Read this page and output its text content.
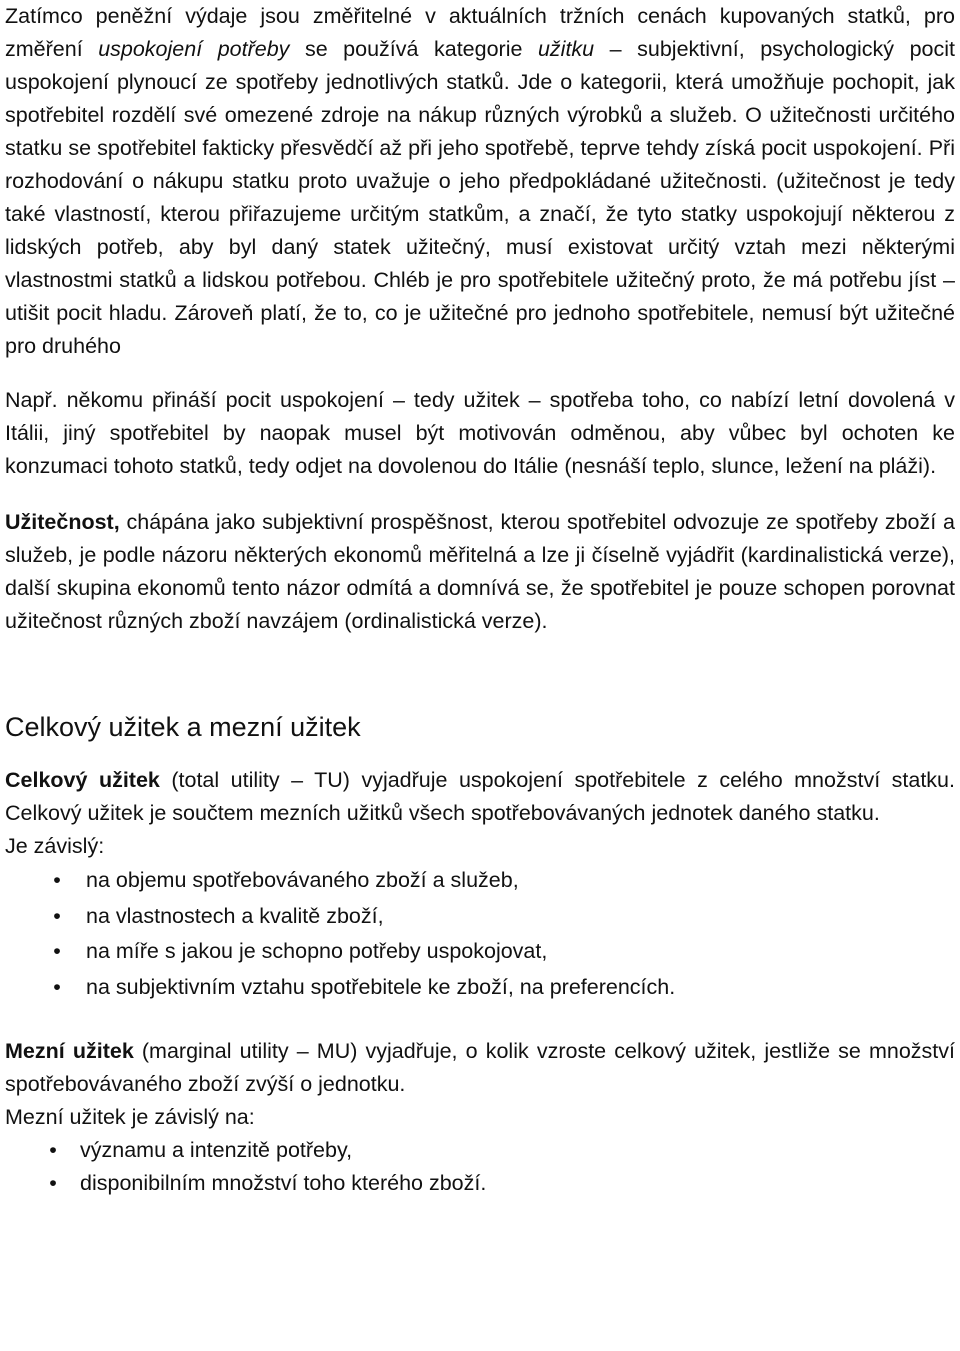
Zatímco peněžní výdaje jsou změřitelné v aktuálních tržních cenách kupovaných statků, pro změření uspokojení potřeby se používá kategorie užitku – subjektivní, psychologický pocit uspokojení plynoucí ze spotřeby jednotlivých statků. Jde o kategorii, která umožňuje pochopit, jak spotřebitel rozdělí své omezené zdroje na nákup různých výrobků a služeb. O užitečnosti určitého statku se spotřebitel fakticky přesvědčí až při jeho spotřebě, teprve tehdy získá pocit uspokojení. Při rozhodování o nákupu statku proto uvažuje o jeho předpokládané užitečnosti. (užitečnost je tedy také vlastností, kterou přiřazujeme určitým statkům, a značí, že tyto statky uspokojují některou z lidských potřeb, aby byl daný statek užitečný, musí existovat určitý vztah mezi některými vlastnostmi statků a lidskou potřebou. Chléb je pro spotřebitele užitečný proto, že má potřebu jíst – utišit pocit hladu. Zároveň platí, že to, co je užitečné pro jednoho spotřebitele, nemusí být užitečné pro druhého

Např. někomu přináší pocit uspokojení – tedy užitek – spotřeba toho, co nabízí letní dovolená v Itálii, jiný spotřebitel by naopak musel být motivován odměnou, aby vůbec byl ochoten ke konzumaci tohoto statků, tedy odjet na dovolenou do Itálie (nesnáší teplo, slunce, ležení na pláži).

Užitečnost, chápána jako subjektivní prospěšnost, kterou spotřebitel odvozuje ze spotřeby zboží a služeb, je podle názoru některých ekonomů měřitelná a lze ji číselně vyjádřit (kardinalistická verze), další skupina ekonomů tento názor odmítá a domnívá se, že spotřebitel je pouze schopen porovnat užitečnost různých zboží navzájem (ordinalistická verze).

Celkový užitek a mezní užitek

Celkový užitek (total utility – TU) vyjadřuje uspokojení spotřebitele z celého množství statku. Celkový užitek je součtem mezních užitků všech spotřebovávaných jednotek daného statku.

Je závislý:

• na objemu spotřebovávaného zboží a služeb,
• na vlastnostech a kvalitě zboží,
• na míře s jakou je schopno potřeby uspokojovat,
• na subjektivním vztahu spotřebitele ke zboží, na preferencích.

Mezní užitek (marginal utility – MU) vyjadřuje, o kolik vzroste celkový užitek, jestliže se množství spotřebovávaného zboží zvýší o jednotku.

Mezní užitek je závislý na:

• významu a intenzitě potřeby,
• disponibilním množství toho kterého zboží.
